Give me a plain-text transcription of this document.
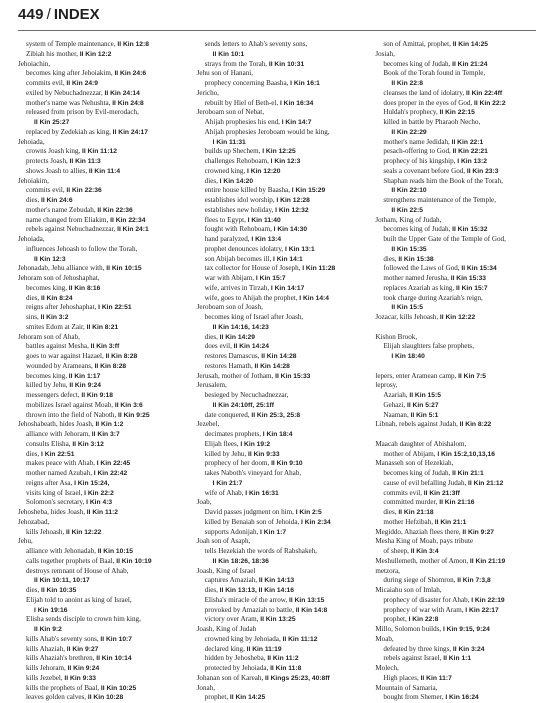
449 / INDEX
system of Temple maintenance, II Kin 12:8
Zibiah his mother, II Kin 12:2
Jehoiachin,
becomes king after Jehoiakim, II Kin 24:6
commits evil, II Kin 24:9
exiled by Nebuchadnezzar, II Kin 24:14
mother's name was Nehushta, II Kin 24:8
released from prison by Evil-merodach,
II Kin 25:27
replaced by Zedekiah as king, II Kin 24:17
Jehoiada,
crowns Joash king, II Kin 11:12
protects Joash, II Kin 11:3
shows Joash to allies, II Kin 11:4
Jehoiakim,
commits evil, II Kin 22:36
dies, II Kin 24:6
mother's name Zebudah, II Kin 22:36
name changed from Eliakim, II Kin 22:34
rebels against Nebuchadnezzar, II Kin 24:1
Jehoiada,
influences Jehoash to follow the Torah,
II Kin 12:3
Jehonadab, Jehu alliance with, II Kin 10:15
Jehoram son of Jehoshaphat,
becomes king, II Kin 8:16
dies, II Kin 8:24
reigns after Jehoshaphat, I Kin 22:51
sins, II Kin 3:2
smites Edom at Zair, II Kin 8:21
Jehoram son of Ahab,
battles against Mesha, II Kin 3:ff
goes to war against Hazael, II Kin 8:28
wounded by Arameans, II Kin 8:28
becomes king, II Kin 1:17
killed by Jehu, II Kin 9:24
messengers defect, II Kin 9:18
mobilizes Israel against Moab, II Kin 3:6
thrown into the field of Naboth, II Kin 9:25
Jehoshabeath, hides Joash, II Kin 1:2
alliance with Jehoram, II Kin 3:7
consults Elisha, II Kin 3:12
dies, I Kin 22:51
makes peace with Ahab, I Kin 22:45
mother named Azubah, I Kin 22:42
reigns after Asa, I Kin 15:24,
visits king of Israel, I Kin 22:2
Solomon's secretary, I Kin 4:3
Jehosheba, hides Joash, II Kin 11:2
Jehozabad,
kills Jehoash, II Kin 12:22
Jehu,
alliance with Jehonadab, II Kin 10:15
calls together prophets of Baal, II Kin 10:19
destroys remnant of House of Ahab,
II Kin 10:11, 10:17
dies, II Kin 10:35
Elijah told to anoint as king of Israel,
I Kin 19:16
Elisha sends disciple to crown him king,
II Kin 9:2
kills Ahab's seventy sons, II Kin 10:7
kills Ahaziah, II Kin 9:27
kills Ahaziah's brethren, II Kin 10:14
kills Jehoram, II Kin 9:24
kills Jezebel, II Kin 9:33
kills the prophets of Baal, II Kin 10:25
leaves golden calves, II Kin 10:28
sends letters to Ahab's seventy sons,
II Kin 10:1
strays from the Torah, II Kin 10:31
Jehu son of Hanani,
prophecy concerning Baasha, I Kin 16:1
Jericho,
rebuilt by Hiel of Beth-el, I Kin 16:34
Jeroboam son of Nebat,
Ahijah prophesies his end, I Kin 14:7
Ahijah prophesies Jeroboam would be king,
I Kin 11:31
builds up Shechem, I Kin 12:25
challenges Rehoboam, I Kin 12:3
crowned king, I Kin 12:20
dies, I Kin 14:20
entire house killed by Baasha, I Kin 15:29
establishes idol worship, I Kin 12:28
establishes new holiday, I Kin 12:32
flees to Egypt, I Kin 11:40
fought with Rehoboam, I Kin 14:30
hand paralyzed, I Kin 13:4
prophet denounces idolatry, I Kin 13:1
son Abijah becomes ill, I Kin 14:1
tax collector for House of Joseph, I Kin 11:28
war with Abijam, I Kin 15:7
wife, arrives in Tirzah, I Kin 14:17
wife, goes to Ahijah the prophet, I Kin 14:4
Jeroboam son of Joash,
becomes king of Israel after Joash,
II Kin 14:16, 14:23
dies, II Kin 14:29
does evil, II Kin 14:24
restores Damascus, II Kin 14:28
restores Hamath, II Kin 14:28
Jerusah, mother of Jotham, II Kin 15:33
Jerusalem,
besieged by Necuchadnezzar,
II Kin 24:10ff, 25:1ff
date conquered, II Kin 25:3, 25:8
Jezebel,
decimates prophets, I Kin 18:4
Elijah flees, I Kin 19:2
killed by Jehu, II Kin 9:33
prophecy of her doom, II Kin 9:10
takes Naboth's vineyard for Ahab,
I Kin 21:7
wife of Ahab, I Kin 16:31
Joab,
David passes judgment on him, I Kin 2:5
killed by Benaiah son of Jehoida, I Kin 2:34
supports Adonijah, I Kin 1:7
Joah son of Asaph,
tells Hezekiah the words of Rabshakeh,
II Kin 18:26, 18:36
Joash, King of Israel
captures Amaziah, II Kin 14:13
dies, II Kin 13:13, II Kin 14:16
Elisha's miracle of the arrow, II Kin 13:15
provoked by Amaziah to battle, II Kin 14:8
victory over Aram, II Kin 13:25
Joash, King of Judah
crowned king by Jehoiada, II Kin 11:12
declared king, II Kin 11:19
hidden by Jehosheba, II Kin 11:2
protected by Jehoiada, II Kin 11:8
Johanan son of Kareah, II Kings 25:23, 40:8ff
Jonah,
prophet, II Kin 14:25
son of Amittai, prophet, II Kin 14:25
Josiah,
becomes king of Judah, II Kin 21:24
Book of the Torah found in Temple,
II Kin 22:8
cleanses the land of idolatry, II Kin 22:4ff
does proper in the eyes of God, II Kin 22:2
Huldah's prophecy, II Kin 22:15
killed in battle by Pharaoh Necho,
II Kin 22:29
mother's name Jedidah, II Kin 22:1
pesach-offering to God, II Kin 22:21
prophecy of his kingship, I Kin 13:2
seals a covenant before God, II Kin 23:3
Shaphan reads him the Book of the Torah,
II Kin 22:10
strengthens maintenance of the Temple,
II Kin 22:5
Jotham, King of Judah,
becomes king of Judah, II Kin 15:32
built the Upper Gate of the Temple of God,
II Kin 15:35
dies, II Kin 15:38
followed the Laws of God, II Kin 15:34
mother named Jerusha, II Kin 15:33
replaces Azariah as king, II Kin 15:7
took charge during Azariah's reign,
II Kin 15:5
Jozacar, kills Jehoash, II Kin 12:22
Kishon Brook,
Elijah slaughters false prophets,
I Kin 18:40
lepers, enter Aramean camp, II Kin 7:5
leprosy,
Azariah, II Kin 15:5
Gehazi, II Kin 5:27
Naaman, II Kin 5:1
Libnah, rebels against Judah, II Kin 8:22
Maacah daughter of Abishalom,
mother of Abijam, I Kin 15:2,10,13,16
Manasseh son of Hezekiah,
becomes king of Judah, II Kin 21:1
cause of evil befalling Judah, II Kin 21:12
commits evil, II Kin 21:3ff
committed murder, II Kin 21:16
dies, II Kin 21:18
mother Hefzibah, II Kin 21:1
Megiddo, Ahaziah flees there, II Kin 9:27
Mesha King of Moab, pays tribute
of sheep, II Kin 3:4
Meshullemeth, mother of Amon, II Kin 21:19
metzora,
during siege of Shomron, II Kin 7:3,8
Micaiahu son of Imlah,
prophecy of disaster for Ahab, I Kin 22:19
prophecy of war with Aram, I Kin 22:17
prophet, I Kin 22:8
Millo, Solomon builds, I Kin 9:15, 9:24
Moab,
defeated by three kings, II Kin 3:24
rebels against Israel, II Kin 1:1
Molech,
High places, II Kin 11:7
Mountain of Samaria,
bought from Shemer, I Kin 16:24
